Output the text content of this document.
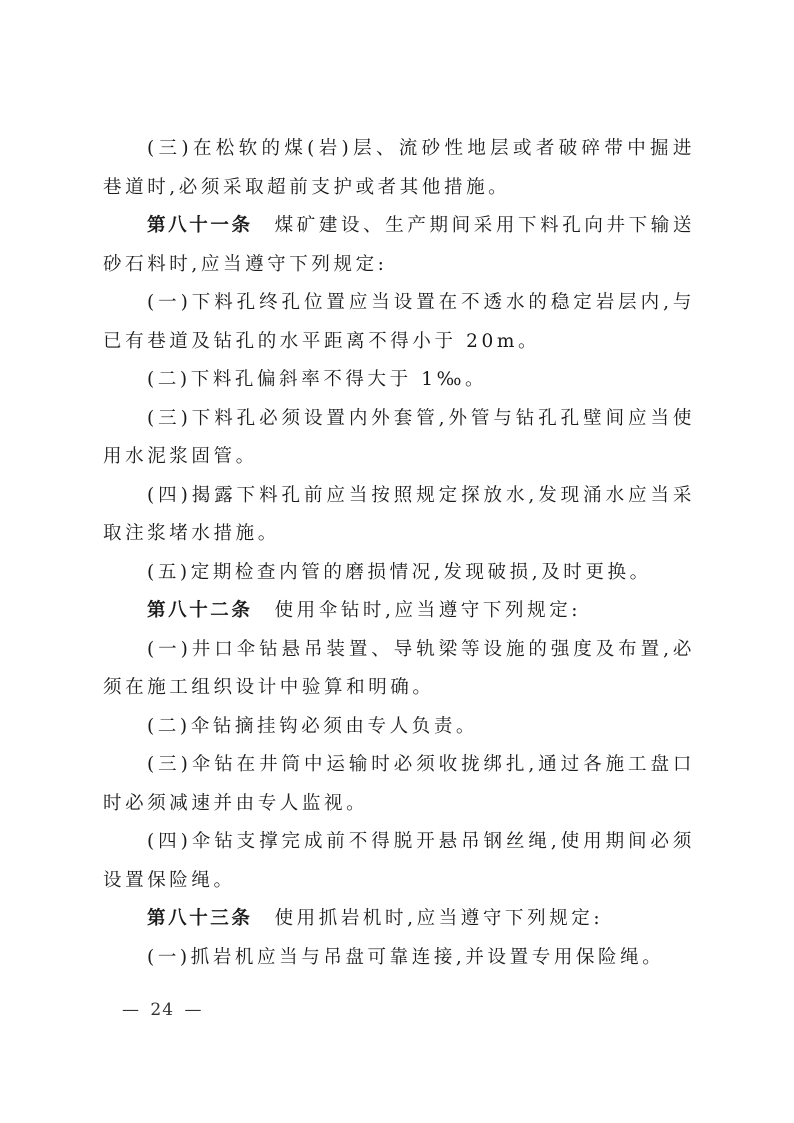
(三)在松软的煤(岩)层、流砂性地层或者破碎带中掘进巷道时,必须采取超前支护或者其他措施。

第八十一条 煤矿建设、生产期间采用下料孔向井下输送砂石料时,应当遵守下列规定:

(一)下料孔终孔位置应当设置在不透水的稳定岩层内,与已有巷道及钻孔的水平距离不得小于 20m。

(二)下料孔偏斜率不得大于 1‰。

(三)下料孔必须设置内外套管,外管与钻孔孔壁间应当使用水泥浆固管。

(四)揭露下料孔前应当按照规定探放水,发现涌水应当采取注浆堵水措施。

(五)定期检查内管的磨损情况,发现破损,及时更换。

第八十二条 使用伞钻时,应当遵守下列规定:

(一)井口伞钻悬吊装置、导轨梁等设施的强度及布置,必须在施工组织设计中验算和明确。

(二)伞钻摘挂钩必须由专人负责。

(三)伞钻在井筒中运输时必须收拢绑扎,通过各施工盘口时必须减速并由专人监视。

(四)伞钻支撑完成前不得脱开悬吊钢丝绳,使用期间必须设置保险绳。

第八十三条 使用抓岩机时,应当遵守下列规定:

(一)抓岩机应当与吊盘可靠连接,并设置专用保险绳。

— 24 —
